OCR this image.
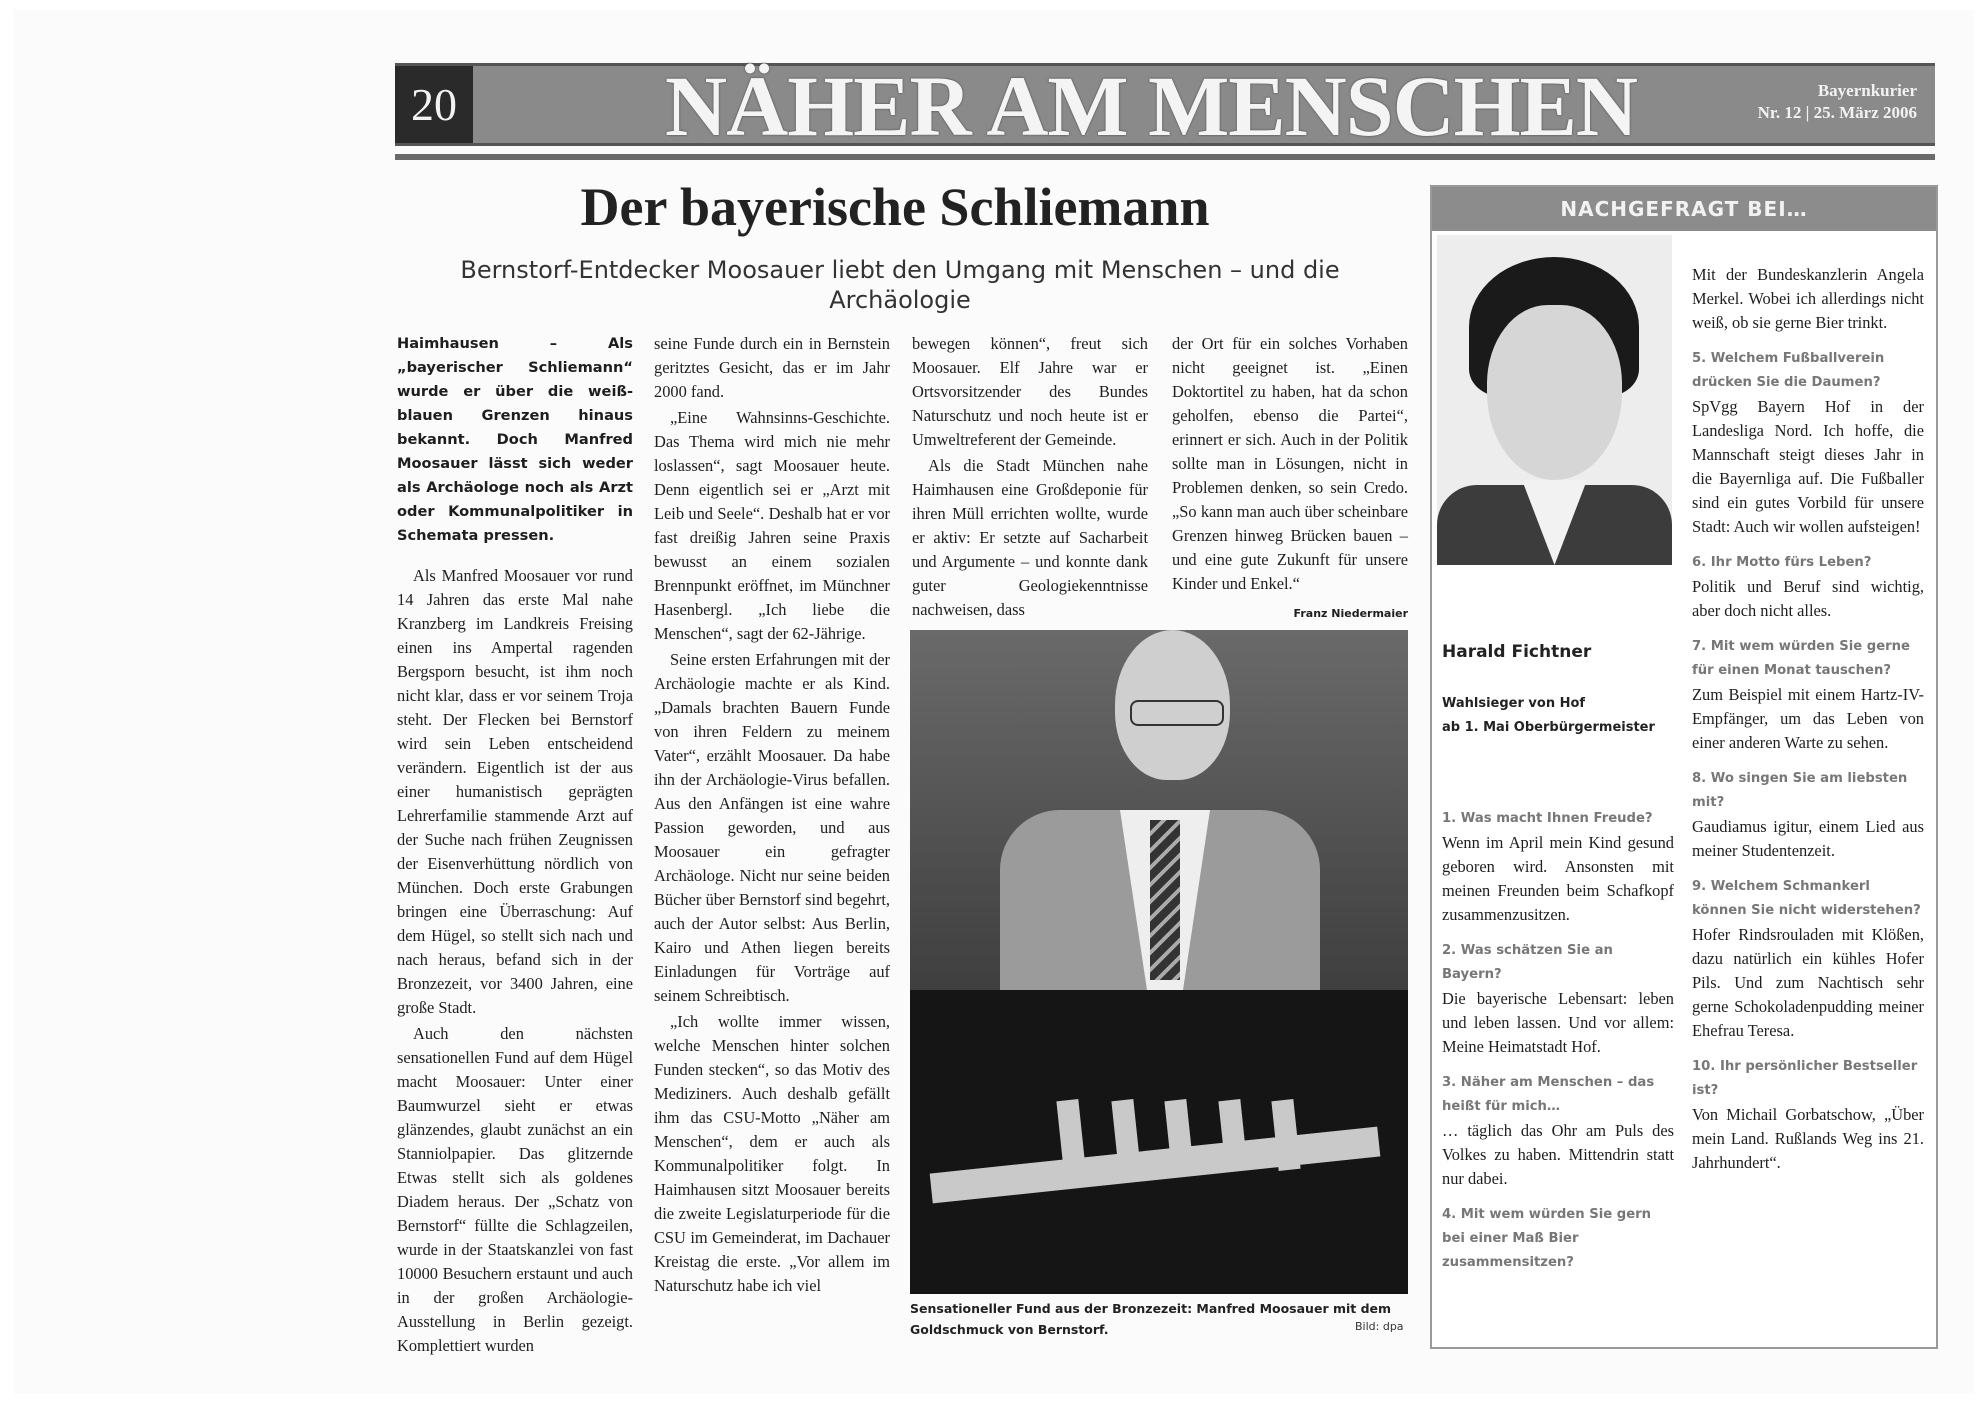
20 NÄHER AM MENSCHEN	Bayernkurier
Nr. 12 | 25. März 2006
Der bayerische Schliemann
Bernstorf-Entdecker Moosauer liebt den Umgang mit Menschen – und die Archäologie

Haimhausen – Als „bayerischer Schliemann“ wurde er über die weiß-blauen Grenzen hinaus bekannt. Doch Manfred Moosauer lässt sich weder als Archäologe noch als Arzt oder Kommunalpolitiker in Schemata pressen.

Als Manfred Moosauer vor rund 14 Jahren das erste Mal nahe Kranzberg im Landkreis Freising einen ins Ampertal ragenden Bergsporn besucht, ist ihm noch nicht klar, dass er vor seinem Troja steht. Der Flecken bei Bernstorf wird sein Leben entscheidend verändern. Eigentlich ist der aus einer humanistisch geprägten Lehrerfamilie stammende Arzt auf der Suche nach frühen Zeugnissen der Eisenverhüttung nördlich von München. Doch erste Grabungen bringen eine Überraschung: Auf dem Hügel, so stellt sich nach und nach heraus, befand sich in der Bronzezeit, vor 3400 Jahren, eine große Stadt.

Auch den nächsten sensationellen Fund auf dem Hügel macht Moosauer: Unter einer Baumwurzel sieht er etwas glänzendes, glaubt zunächst an ein Stanniolpapier. Das glitzernde Etwas stellt sich als goldenes Diadem heraus. Der „Schatz von Bernstorf“ füllte die Schlagzeilen, wurde in der Staatskanzlei von fast 10000 Besuchern erstaunt und auch in der großen Archäologie-Ausstellung in Berlin gezeigt. Komplettiert wurden

seine Funde durch ein in Bernstein geritztes Gesicht, das er im Jahr 2000 fand.

„Eine Wahnsinns-Geschichte. Das Thema wird mich nie mehr loslassen“, sagt Moosauer heute. Denn eigentlich sei er „Arzt mit Leib und Seele“. Deshalb hat er vor fast dreißig Jahren seine Praxis bewusst an einem sozialen Brennpunkt eröffnet, im Münchner Hasenbergl. „Ich liebe die Menschen“, sagt der 62-Jährige.

Seine ersten Erfahrungen mit der Archäologie machte er als Kind. „Damals brachten Bauern Funde von ihren Feldern zu meinem Vater“, erzählt Moosauer. Da habe ihn der Archäologie-Virus befallen. Aus den Anfängen ist eine wahre Passion geworden, und aus Moosauer ein gefragter Archäologe. Nicht nur seine beiden Bücher über Bernstorf sind begehrt, auch der Autor selbst: Aus Berlin, Kairo und Athen liegen bereits Einladungen für Vorträge auf seinem Schreibtisch.

„Ich wollte immer wissen, welche Menschen hinter solchen Funden stecken“, so das Motiv des Mediziners. Auch deshalb gefällt ihm das CSU-Motto „Näher am Menschen“, dem er auch als Kommunalpolitiker folgt. In Haimhausen sitzt Moosauer bereits die zweite Legislaturperiode für die CSU im Gemeinderat, im Dachauer Kreistag die erste. „Vor allem im Naturschutz habe ich viel

bewegen können“, freut sich Moosauer. Elf Jahre war er Ortsvorsitzender des Bundes Naturschutz und noch heute ist er Umweltreferent der Gemeinde.

Als die Stadt München nahe Haimhausen eine Großdeponie für ihren Müll errichten wollte, wurde er aktiv: Er setzte auf Sacharbeit und Argumente – und konnte dank guter Geologiekenntnisse nachweisen, dass

der Ort für ein solches Vorhaben nicht geeignet ist. „Einen Doktortitel zu haben, hat da schon geholfen, ebenso die Partei“, erinnert er sich. Auch in der Politik sollte man in Lösungen, nicht in Problemen denken, so sein Credo. „So kann man auch über scheinbare Grenzen hinweg Brücken bauen – und eine gute Zukunft für unsere Kinder und Enkel.“

Franz Niedermaier
Sensationeller Fund aus der Bronzezeit: Manfred Moosauer mit dem Goldschmuck von Bernstorf.	Bild: dpa
NACHGEFRAGT BEI…
Harald Fichtner
Wahlsieger von Hof
ab 1. Mai Oberbürgermeister

1. Was macht Ihnen Freude?

Wenn im April mein Kind gesund geboren wird. Ansonsten mit meinen Freunden beim Schafkopf zusammenzusitzen.

2. Was schätzen Sie an Bayern?

Die bayerische Lebensart: leben und leben lassen. Und vor allem: Meine Heimatstadt Hof.

3. Näher am Menschen – das heißt für mich…

… täglich das Ohr am Puls des Volkes zu haben. Mittendrin statt nur dabei.

4. Mit wem würden Sie gern bei einer Maß Bier zusammensitzen?

Mit der Bundeskanzlerin Angela Merkel. Wobei ich allerdings nicht weiß, ob sie gerne Bier trinkt.

5. Welchem Fußballverein drücken Sie die Daumen?

SpVgg Bayern Hof in der Landesliga Nord. Ich hoffe, die Mannschaft steigt dieses Jahr in die Bayernliga auf. Die Fußballer sind ein gutes Vorbild für unsere Stadt: Auch wir wollen aufsteigen!

6. Ihr Motto fürs Leben?

Politik und Beruf sind wichtig, aber doch nicht alles.

7. Mit wem würden Sie gerne für einen Monat tauschen?

Zum Beispiel mit einem Hartz-IV-Empfänger, um das Leben von einer anderen Warte zu sehen.

8. Wo singen Sie am liebsten mit?

Gaudiamus igitur, einem Lied aus meiner Studentenzeit.

9. Welchem Schmankerl können Sie nicht widerstehen?

Hofer Rindsrouladen mit Klößen, dazu natürlich ein kühles Hofer Pils. Und zum Nachtisch sehr gerne Schokoladenpudding meiner Ehefrau Teresa.

10. Ihr persönlicher Bestseller ist?

Von Michail Gorbatschow, „Über mein Land. Rußlands Weg ins 21. Jahrhundert“.
